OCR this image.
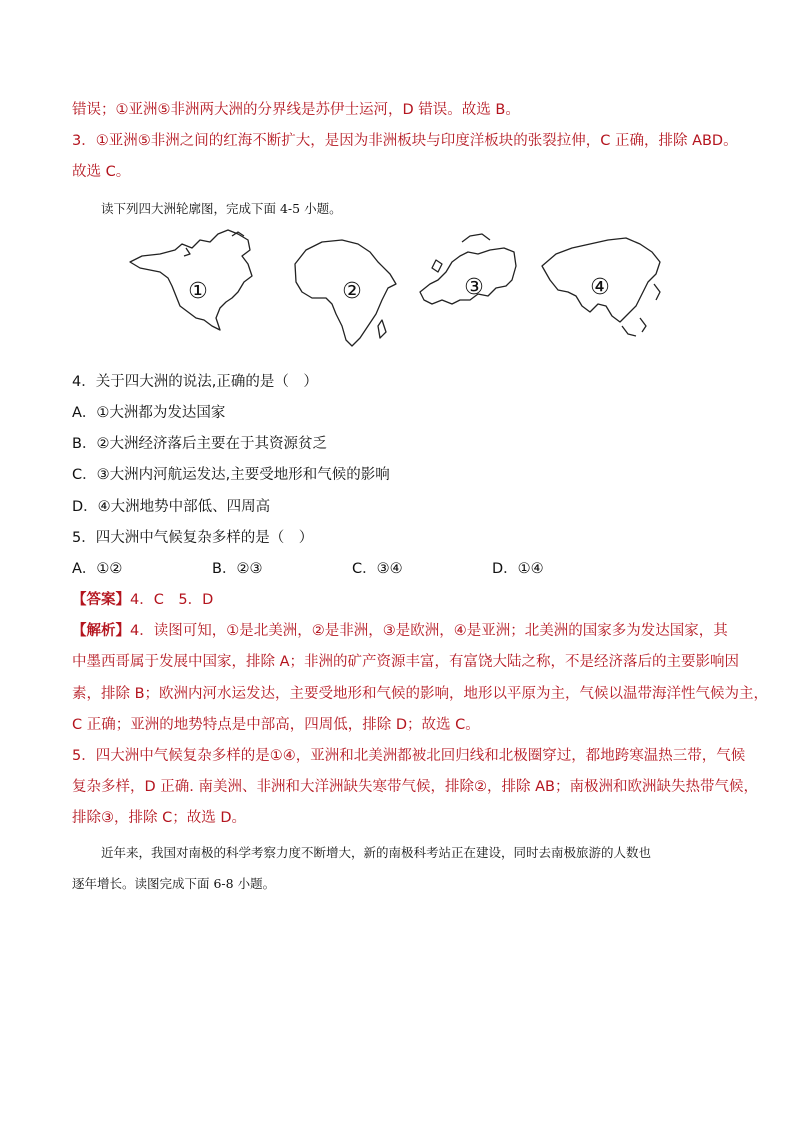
错误；①亚洲⑤非洲两大洲的分界线是苏伊士运河，D 错误。故选 B。
3．①亚洲⑤非洲之间的红海不断扩大，是因为非洲板块与印度洋板块的张裂拉伸，C 正确，排除 ABD。
故选 C。
读下列四大洲轮廓图，完成下面 4-5 小题。
①	②	③	④
4．关于四大洲的说法,正确的是（　）
A．①大洲都为发达国家
B．②大洲经济落后主要在于其资源贫乏
C．③大洲内河航运发达,主要受地形和气候的影响
D．④大洲地势中部低、四周高
5．四大洲中气候复杂多样的是（　）
A．①②	B．②③	C．③④	D．①④
【答案】4．C　5．D
【解析】4．读图可知，①是北美洲，②是非洲，③是欧洲，④是亚洲；北美洲的国家多为发达国家，其
中墨西哥属于发展中国家，排除 A；非洲的矿产资源丰富，有富饶大陆之称，不是经济落后的主要影响因
素，排除 B；欧洲内河水运发达，主要受地形和气候的影响，地形以平原为主，气候以温带海洋性气候为主，
C 正确；亚洲的地势特点是中部高，四周低，排除 D；故选 C。
5．四大洲中气候复杂多样的是①④，亚洲和北美洲都被北回归线和北极圈穿过，都地跨寒温热三带，气候
复杂多样，D 正确. 南美洲、非洲和大洋洲缺失寒带气候，排除②，排除 AB；南极洲和欧洲缺失热带气候，
排除③，排除 C；故选 D。
近年来，我国对南极的科学考察力度不断增大，新的南极科考站正在建设，同时去南极旅游的人数也
逐年增长。读图完成下面 6-8 小题。
